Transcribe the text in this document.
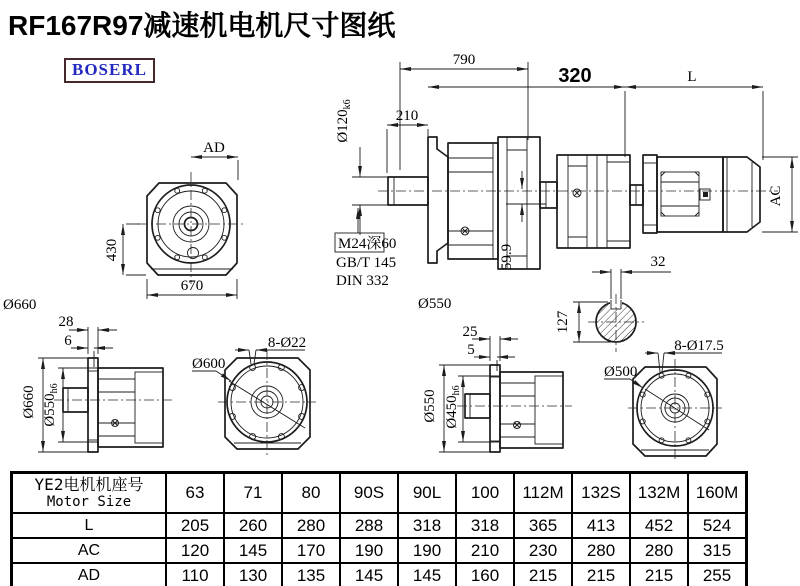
RF167R97减速机电机尺寸图纸
BOSERL
AD
430
670
Ø660
790
210
$Ø120_{k6}$
M24深60
GB/T 145
DIN 332
59.9
320	L
AC
Ø550
32
127
Ø660 $Ø550_{h6}$
28
6
Ø600
8-Ø22
Ø550 $Ø450_{h6}$
25
5
Ø500
8-Ø17.5
YE2电机机座号
Motor Size	63	71	80	90S	90L	100	112M	132S	132M	160M
L	205	260	280	288	318	318	365	413	452	524
AC	120	145	170	190	190	210	230	280	280	315
AD	110	130	135	145	145	160	215	215	215	255
